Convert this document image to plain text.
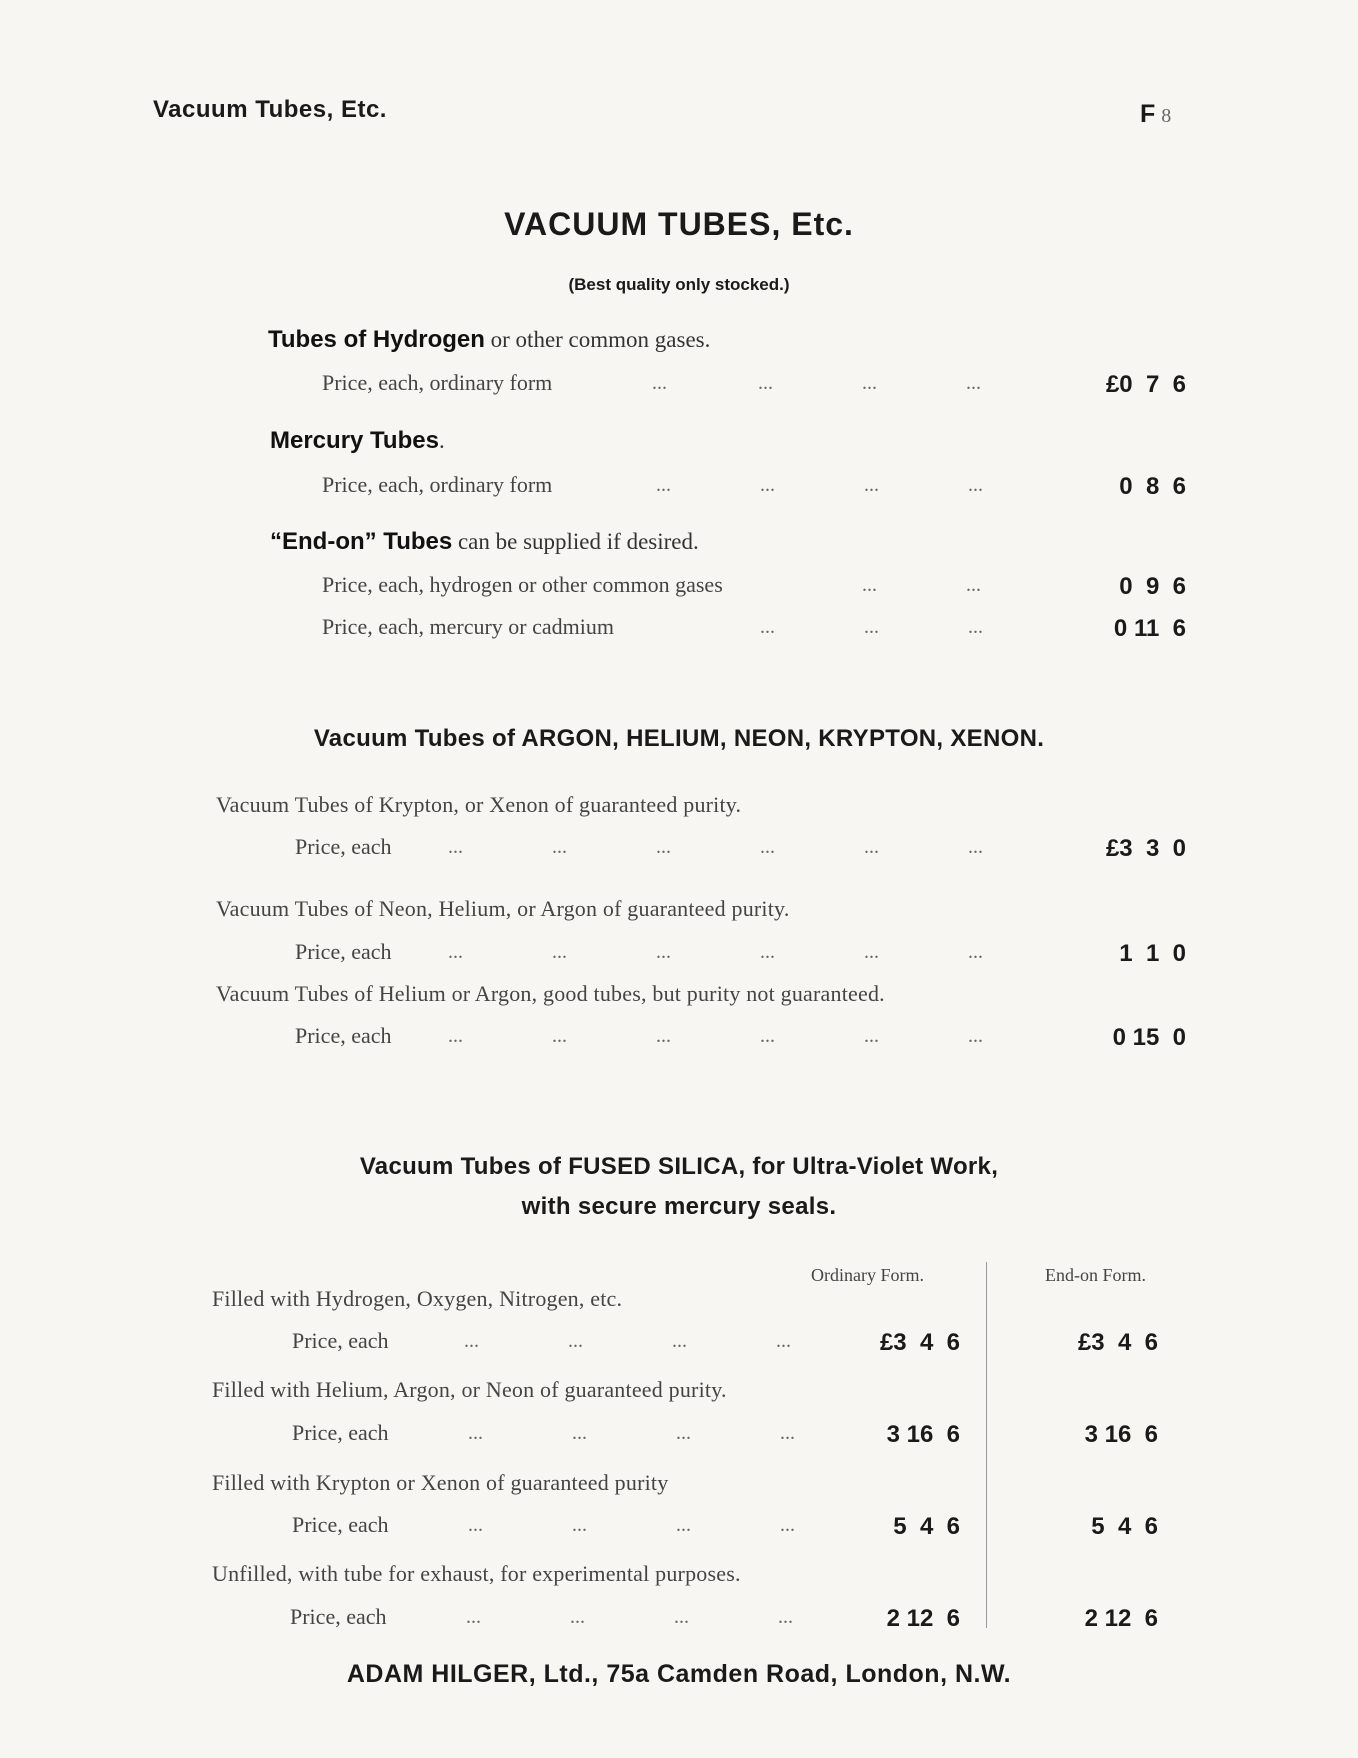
Vacuum Tubes, Etc.	F 8
VACUUM TUBES, Etc.
(Best quality only stocked.)
Tubes of Hydrogen or other common gases.
Price, each, ordinary form	...	...	...	...	£0  7  6
Mercury Tubes.
Price, each, ordinary form	...	...	...	...	0  8  6
“End-on” Tubes can be supplied if desired.
Price, each, hydrogen or other common gases	...	...	0  9  6
Price, each, mercury or cadmium	...	...	...	0 11  6
Vacuum Tubes of ARGON, HELIUM, NEON, KRYPTON, XENON.
Vacuum Tubes of Krypton, or Xenon of guaranteed purity.
Price, each	...	...	...	...	...	...	£3  3  0
Vacuum Tubes of Neon, Helium, or Argon of guaranteed purity.
Price, each	...	...	...	...	...	...	1  1  0
Vacuum Tubes of Helium or Argon, good tubes, but purity not guaranteed.
Price, each	...	...	...	...	...	...	0 15  0
Vacuum Tubes of FUSED SILICA, for Ultra-Violet Work,
with secure mercury seals.
Ordinary Form.	End-on Form.
Filled with Hydrogen, Oxygen, Nitrogen, etc.
Price, each	...	...	...	...	£3  4  6	£3  4  6
Filled with Helium, Argon, or Neon of guaranteed purity.
Price, each	...	...	...	...	3 16  6	3 16  6
Filled with Krypton or Xenon of guaranteed purity
Price, each	...	...	...	...	5  4  6	5  4  6
Unfilled, with tube for exhaust, for experimental purposes.
Price, each	...	...	...	...	2 12  6	2 12  6
ADAM HILGER, Ltd., 75a Camden Road, London, N.W.
